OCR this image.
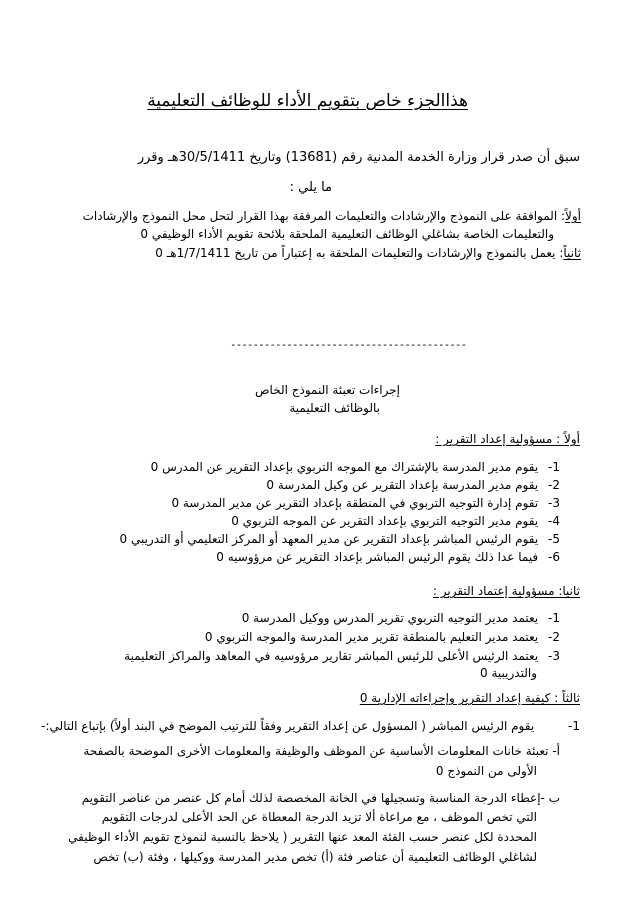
هذاالجزء خاص بتقويم الأداء للوظائف التعليمية
سبق أن صدر قرار وزارة الخدمة المدنية رقم (13681) وتاريخ 30/5/1411هـ وقرر
ما يلي :
أولاً: الموافقة على النموذج والإرشادات والتعليمات المرفقة بهذا القرار لتحل محل النموذج والإرشادات
والتعليمات الخاصة بشاغلي الوظائف التعليمية الملحقة بلائحة تقويم الأداء الوظيفي 0
ثانياً: يعمل بالنموذج والإرشادات والتعليمات الملحقة به إعتباراً من تاريخ 1/7/1411هـ 0
------------------------------------------
إجراءات تعبئة النموذج الخاص
بالوظائف التعليمية
أولاً : مسؤولية إعداد التقرير :
1- يقوم مدير المدرسة بالإشتراك مع الموجه التربوي بإعداد التقرير عن المدرس 0
2- يقوم مدير المدرسة بإعداد التقرير عن وكيل المدرسة 0
3- تقوم إدارة التوجيه التربوي في المنطقة بإعداد التقرير عن مدير المدرسة 0
4- يقوم مدير التوجيه التربوي بإعداد التقرير عن الموجه التربوي 0
5- يقوم الرئيس المباشر بإعداد التقرير عن مدير المعهد أو المركز التعليمي أو التدريبي 0
6- فيما عدا ذلك يقوم الرئيس المباشر بإعداد التقرير عن مرؤوسيه 0
ثانيا: مسؤولية إعتماد التقرير :
1- يعتمد مدير التوجيه التربوي تقرير المدرس ووكيل المدرسة 0
2- يعتمد مدير التعليم بالمنطقة تقرير مدير المدرسة والموجه التربوي 0
3- يعتمد الرئيس الأعلى للرئيس المباشر تقارير مرؤوسيه في المعاهد والمراكز التعليمية
والتدريبية 0
ثالثاً : كيفية إعداد التقرير وإجراءاته الإدارية 0
1- يقوم الرئيس المباشر ( المسؤول عن إعداد التقرير وفقاً للترتيب الموضح في البند أولاً) بإتباع التالي:-
أ- تعبئة خانات المعلومات الأساسية عن الموظف والوظيفة والمعلومات الأخرى الموضحة بالصفحة
الأولى من النموذج 0
ب -إعطاء الدرجة المناسبة وتسجيلها في الخانة المخصصة لذلك أمام كل عنصر من عناصر التقويم
التي تخص الموظف ، مع مراعاة ألا تزيد الدرجة المعطاة عن الحد الأعلى لدرجات التقويم
المحددة لكل عنصر حسب الفئة المعد عنها التقرير ( يلاحظ بالنسبة لنموذج تقويم الأداء الوظيفي
لشاغلي الوظائف التعليمية أن عناصر فئة (أ) تخص مدير المدرسة ووكيلها ، وفئة (ب) تخص
